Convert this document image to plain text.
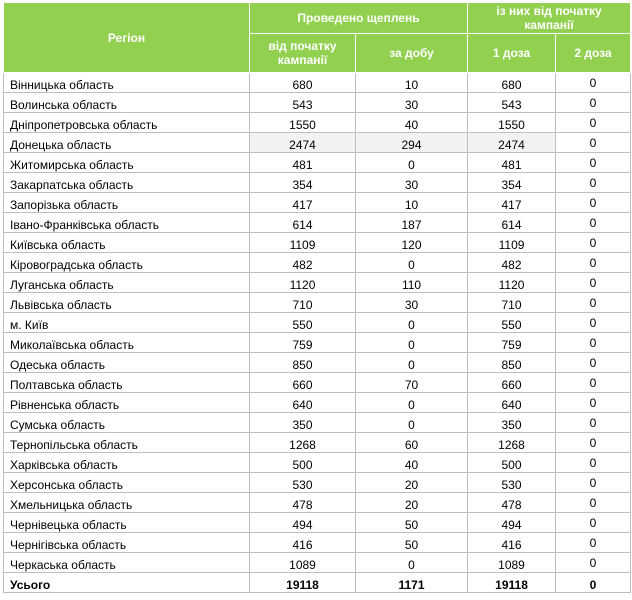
Регіон	Проведено щеплень		із них від початку кампанії	
	від початку кампанії	за добу	1 доза	2 доза
Вінницька область	680	10	680	0
Волинська область	543	30	543	0
Дніпропетровська область	1550	40	1550	0
Донецька область	2474	294	2474	0
Житомирська область	481	0	481	0
Закарпатська область	354	30	354	0
Запорізька область	417	10	417	0
Івано-Франківська область	614	187	614	0
Київська область	1109	120	1109	0
Кіровоградська область	482	0	482	0
Луганська область	1120	110	1120	0
Львівська область	710	30	710	0
м. Київ	550	0	550	0
Миколаївська область	759	0	759	0
Одеська область	850	0	850	0
Полтавська область	660	70	660	0
Рівненська область	640	0	640	0
Сумська область	350	0	350	0
Тернопільська область	1268	60	1268	0
Харківська область	500	40	500	0
Херсонська область	530	20	530	0
Хмельницька область	478	20	478	0
Чернівецька область	494	50	494	0
Чернігівська область	416	50	416	0
Черкаська область	1089	0	1089	0
Усього	19118	1171	19118	0
